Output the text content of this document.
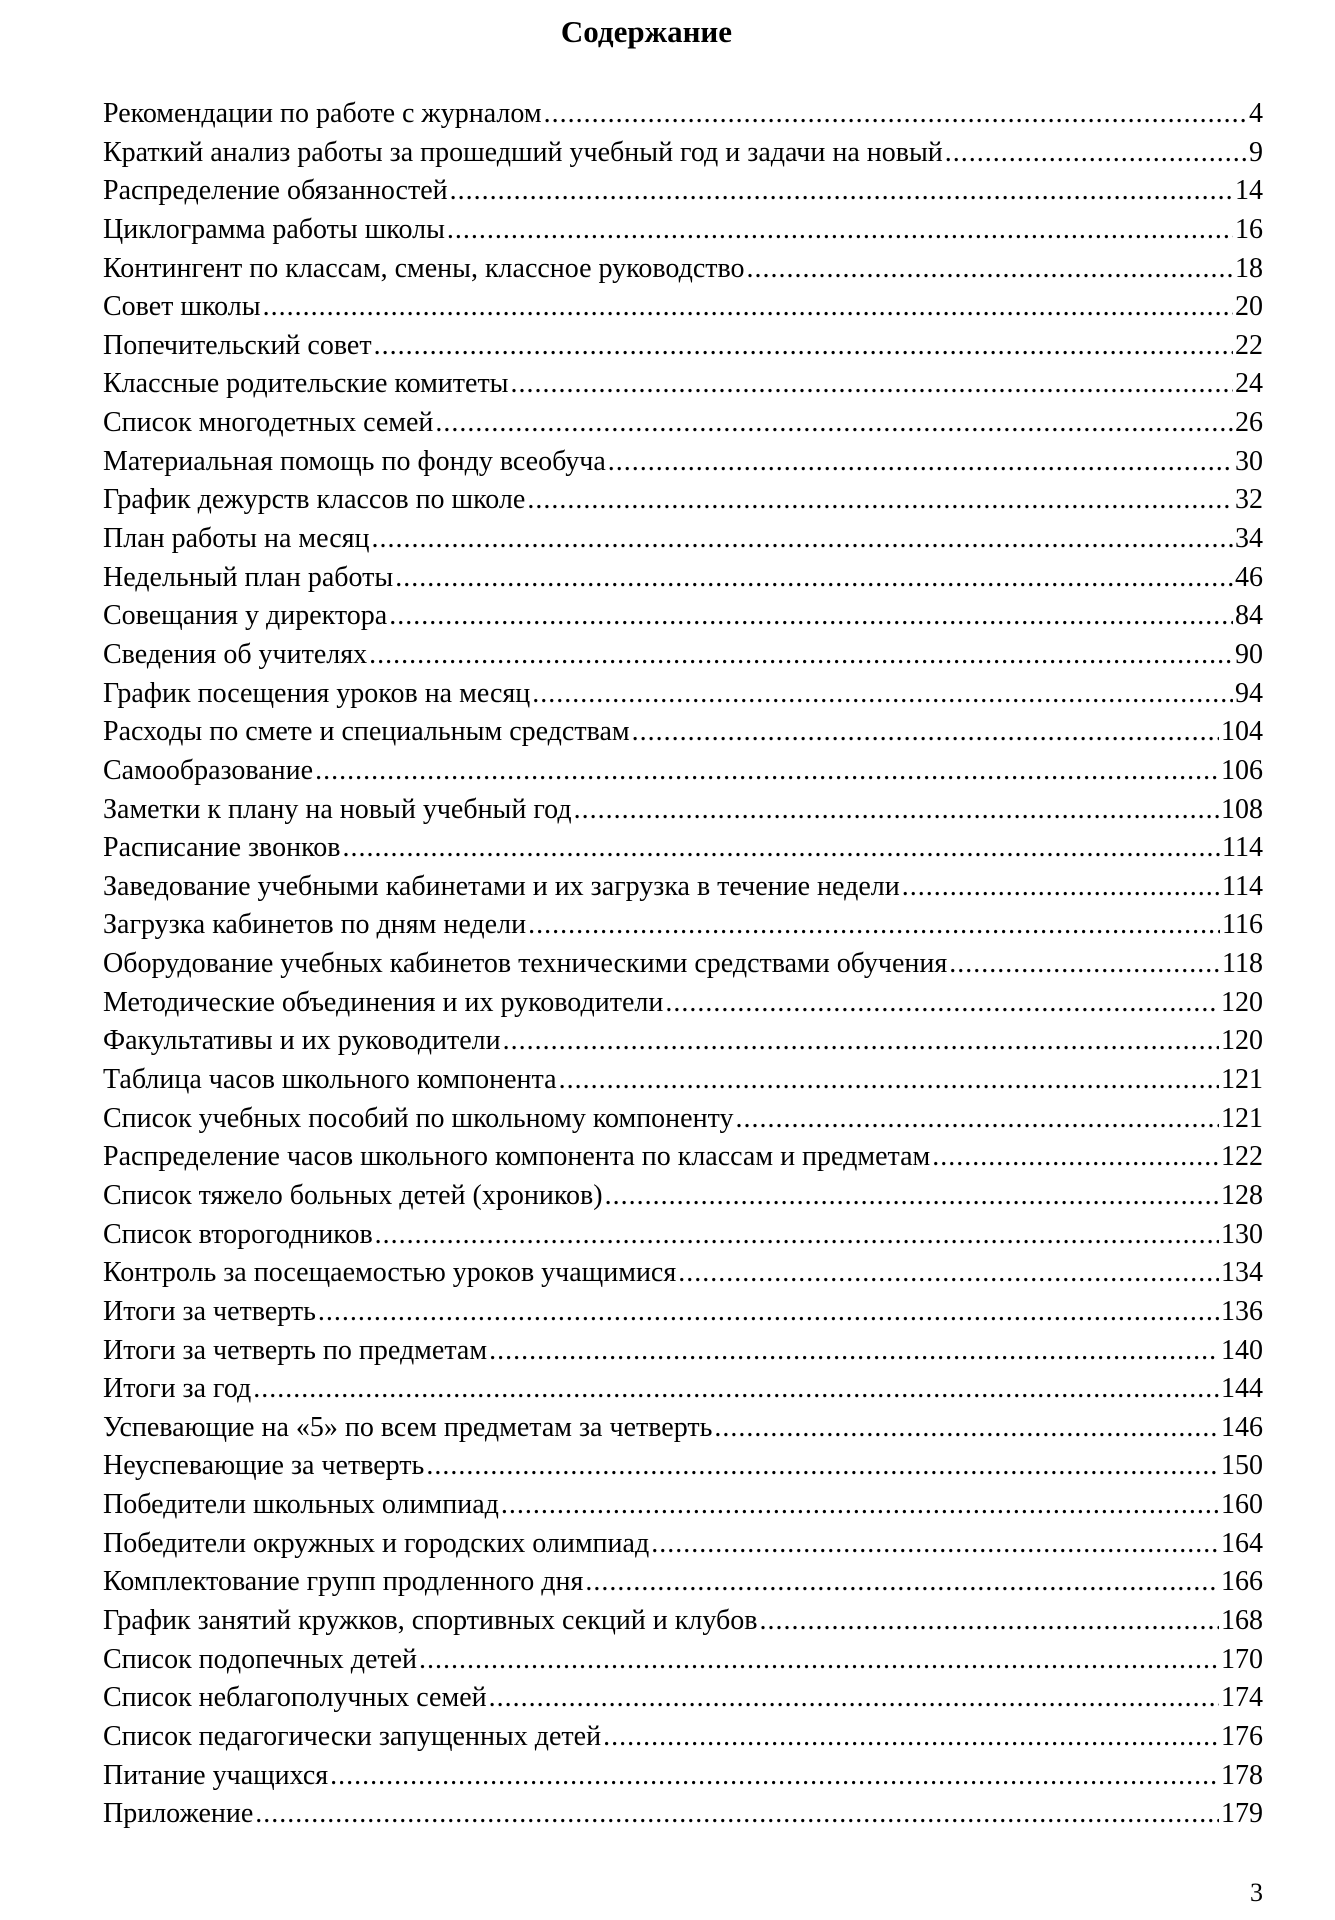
Содержание
Рекомендации по работе с журналом .....	4
Краткий анализ работы за прошедший учебный год и задачи на новый .....	9
Распределение обязанностей .....	14
Циклограмма работы школы .....	16
Контингент по классам, смены, классное руководство .....	18
Совет школы .....	20
Попечительский совет .....	22
Классные родительские комитеты .....	24
Список многодетных семей .....	26
Материальная помощь по фонду всеобуча .....	30
График дежурств классов по школе .....	32
План работы на месяц .....	34
Недельный план работы .....	46
Совещания у директора .....	84
Сведения об учителях .....	90
График посещения уроков на месяц .....	94
Расходы по смете и специальным средствам .....	104
Самообразование .....	106
Заметки к плану на новый учебный год .....	108
Расписание звонков .....	114
Заведование учебными кабинетами и их загрузка в течение недели .....	114
Загрузка кабинетов по дням недели .....	116
Оборудование учебных кабинетов техническими средствами обучения .....	118
Методические объединения и их руководители .....	120
Факультативы и их руководители .....	120
Таблица часов школьного компонента .....	121
Список учебных пособий по школьному компоненту .....	121
Распределение часов школьного компонента по классам и предметам .....	122
Список тяжело больных детей (хроников) .....	128
Список второгодников .....	130
Контроль за посещаемостью уроков учащимися .....	134
Итоги за четверть .....	136
Итоги за четверть по предметам .....	140
Итоги за год .....	144
Успевающие на «5» по всем предметам за четверть .....	146
Неуспевающие за четверть .....	150
Победители школьных олимпиад .....	160
Победители окружных и городских олимпиад .....	164
Комплектование групп продленного дня .....	166
График занятий кружков, спортивных секций и клубов .....	168
Список подопечных детей .....	170
Список неблагополучных семей .....	174
Список педагогически запущенных детей .....	176
Питание учащихся .....	178
Приложение .....	179
3
